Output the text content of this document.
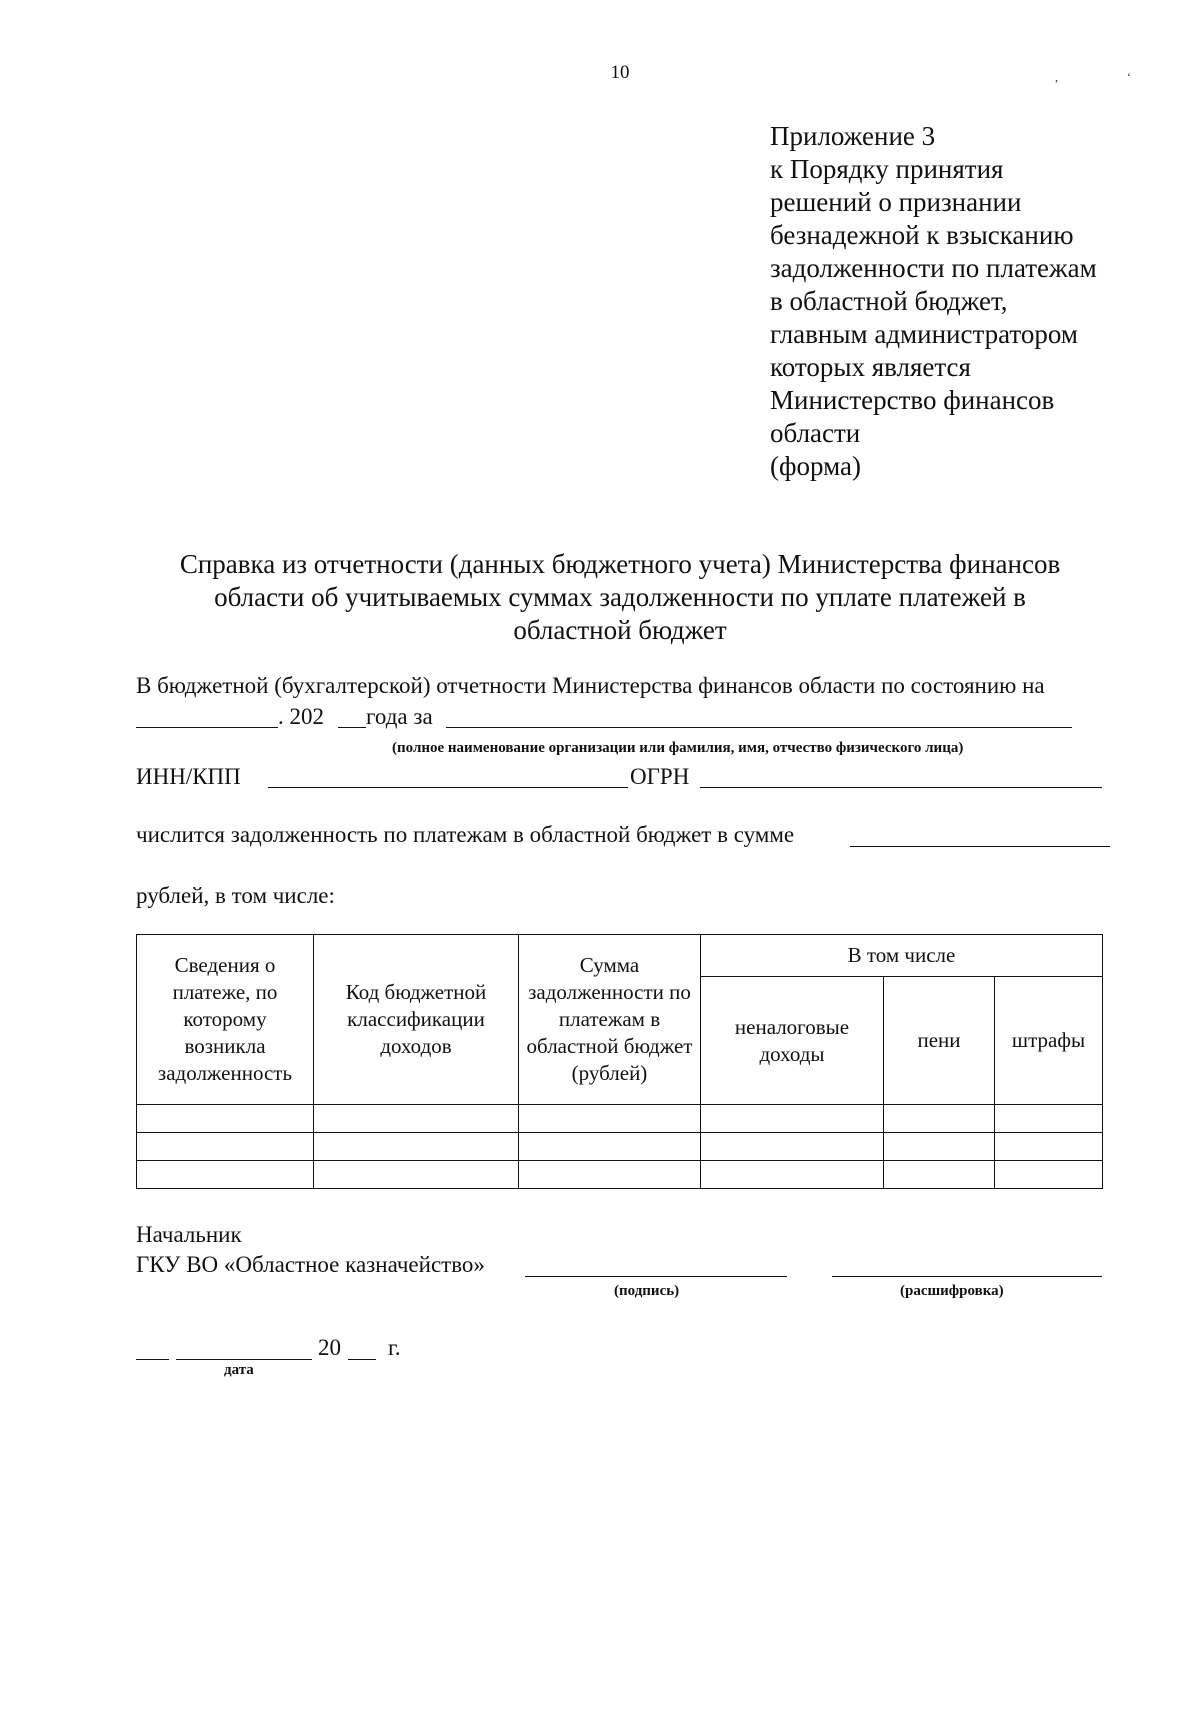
10	,	‘
Приложение 3
к Порядку принятия
решений о признании
безнадежной к взысканию
задолженности по платежам
в областной бюджет,
главным администратором
которых является
Министерство финансов
области
(форма)
Справка из отчетности (данных бюджетного учета) Министерства финансов
области об учитываемых суммах задолженности по уплате платежей в
областной бюджет
В бюджетной (бухгалтерской) отчетности Министерства финансов области по состоянию на
. 202 года за
(полное наименование организации или фамилия, имя, отчество физического лица)
ИНН/КПП	ОГРН
числится задолженность по платежам в областной бюджет в сумме
рублей, в том числе:
Сведения о платеже, по которому возникла задолженность	Код бюджетной классификации доходов	Сумма задолженности по платежам в областной бюджет (рублей)	В том числе		
			неналоговые доходы	пени	штрафы

Начальник
ГКУ ВО «Областное казначейство»
(подпись)	(расшифровка)
20 г.
дата
